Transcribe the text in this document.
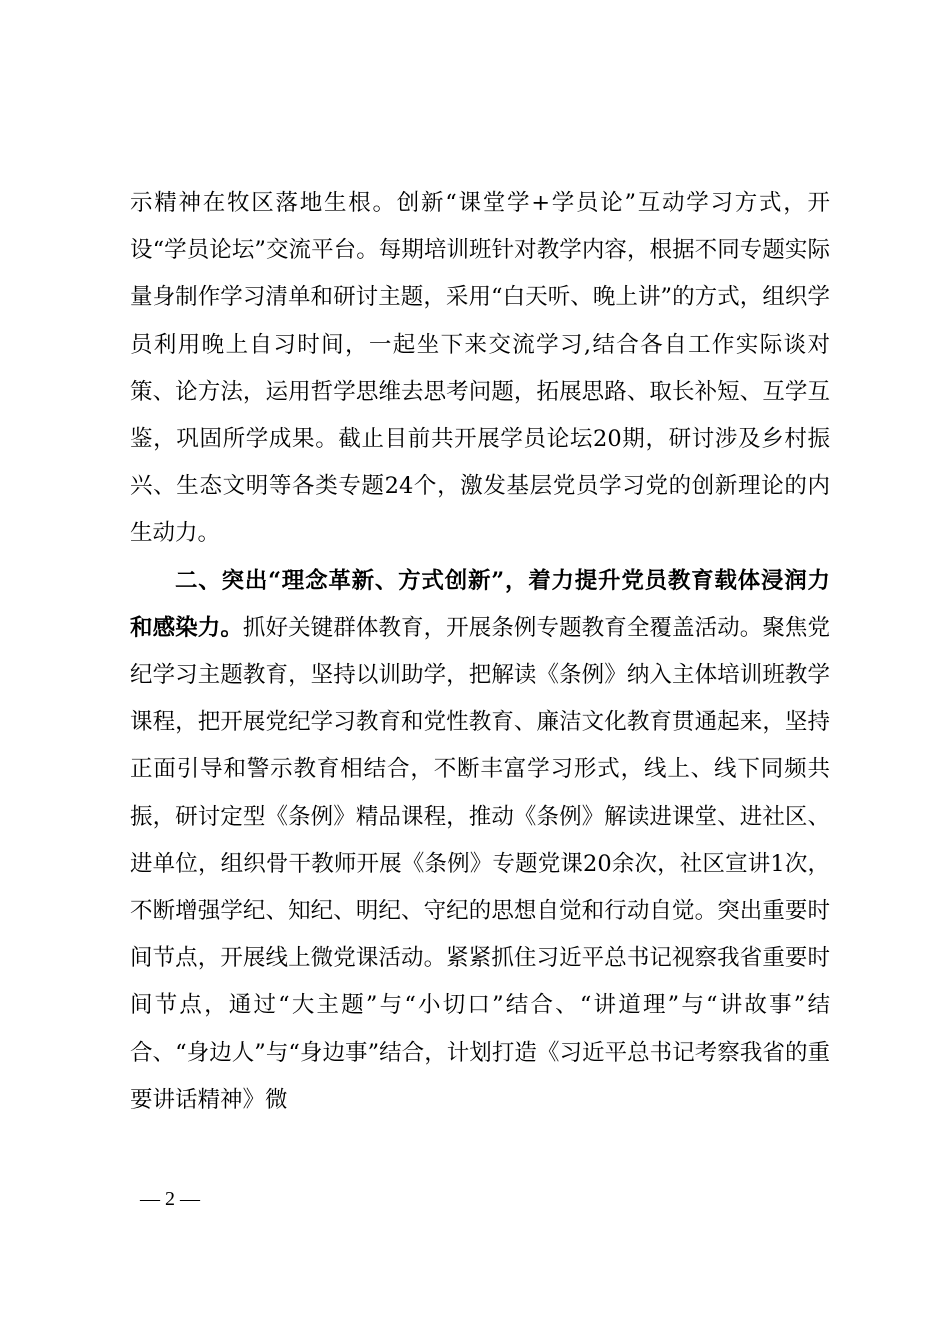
示精神在牧区落地生根。创新“课堂学+学员论”互动学习方式，开设“学员论坛”交流平台。每期培训班针对教学内容，根据不同专题实际量身制作学习清单和研讨主题，采用“白天听、晚上讲”的方式，组织学员利用晚上自习时间，一起坐下来交流学习,结合各自工作实际谈对策、论方法，运用哲学思维去思考问题，拓展思路、取长补短、互学互鉴，巩固所学成果。截止目前共开展学员论坛20期，研讨涉及乡村振兴、生态文明等各类专题24个，激发基层党员学习党的创新理论的内生动力。

二、突出“理念革新、方式创新”，着力提升党员教育载体浸润力和感染力。抓好关键群体教育，开展条例专题教育全覆盖活动。聚焦党纪学习主题教育，坚持以训助学，把解读《条例》纳入主体培训班教学课程，把开展党纪学习教育和党性教育、廉洁文化教育贯通起来，坚持正面引导和警示教育相结合，不断丰富学习形式，线上、线下同频共振，研讨定型《条例》精品课程，推动《条例》解读进课堂、进社区、进单位，组织骨干教师开展《条例》专题党课20余次，社区宣讲1次，不断增强学纪、知纪、明纪、守纪的思想自觉和行动自觉。突出重要时间节点，开展线上微党课活动。紧紧抓住习近平总书记视察我省重要时间节点，通过“大主题”与“小切口”结合、“讲道理”与“讲故事”结合、“身边人”与“身边事”结合，计划打造《习近平总书记考察我省的重要讲话精神》微

— 2 —
